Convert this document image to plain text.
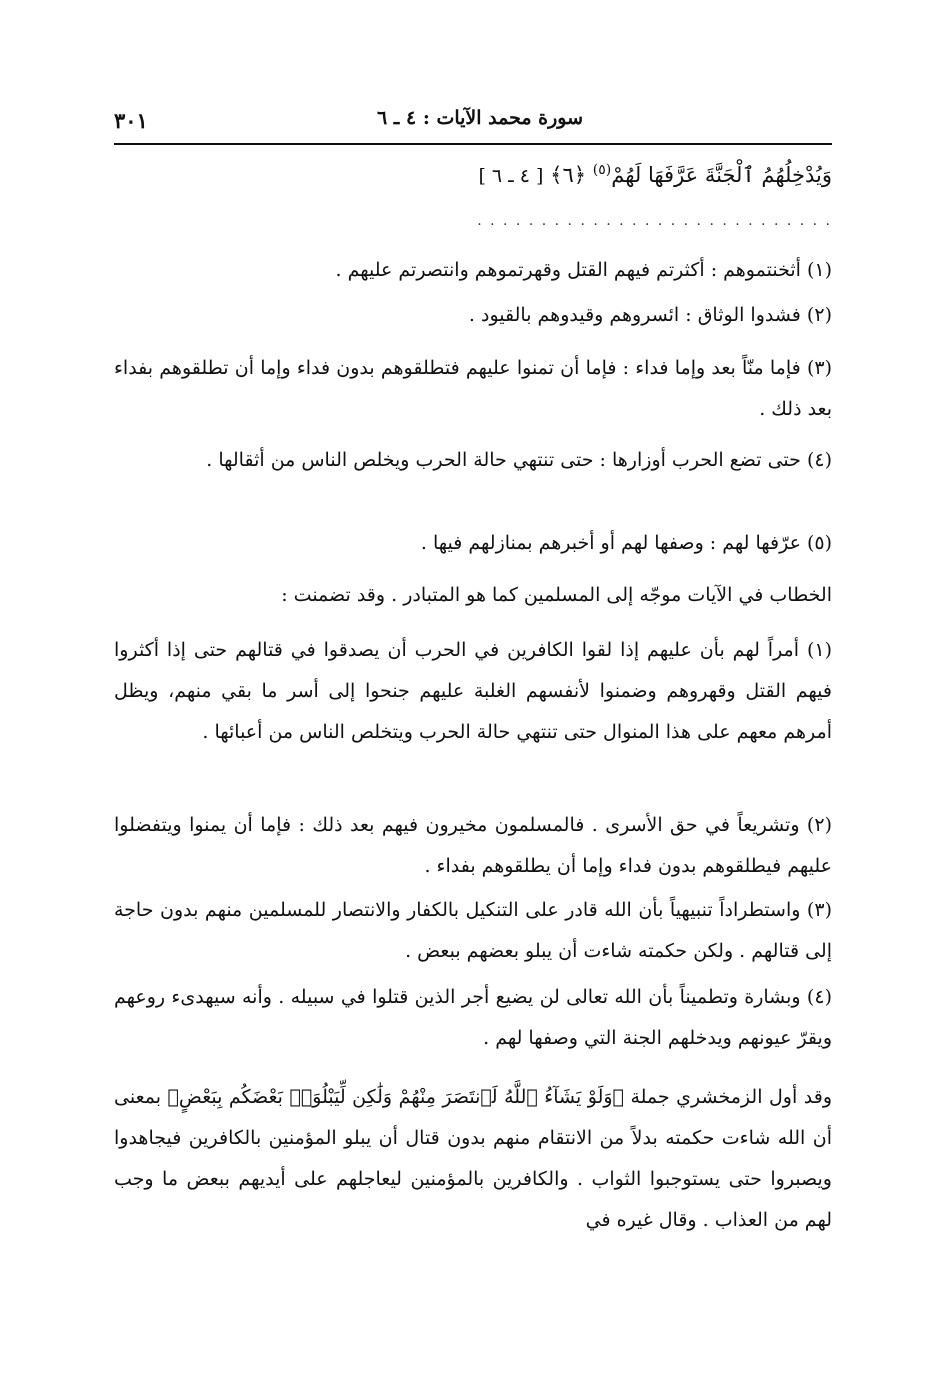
سورة محمد الآيات : ٤ ـ ٦
٣٠١
وَيُدْخِلُهُمُ ٱلْجَنَّةَ عَرَّفَهَا لَهُمْ$^{(٥)}$ ﴿٦﴾ [ ٤ ـ ٦ ]
. . . . . . . . . . . . . . . . . . . . . . . . . . . .
(١) أثخنتموهم : أكثرتم فيهم القتل وقهرتموهم وانتصرتم عليهم .
(٢) فشدوا الوثاق : ائسروهم وقيدوهم بالقيود .
(٣) فإما منّاً بعد وإما فداء : فإما أن تمنوا عليهم فتطلقوهم بدون فداء وإما أن تطلقوهم بفداء بعد ذلك .
(٤) حتى تضع الحرب أوزارها : حتى تنتهي حالة الحرب ويخلص الناس من أثقالها .
(٥) عرّفها لهم : وصفها لهم أو أخبرهم بمنازلهم فيها .
الخطاب في الآيات موجّه إلى المسلمين كما هو المتبادر . وقد تضمنت :
(١) أمراً لهم بأن عليهم إذا لقوا الكافرين في الحرب أن يصدقوا في قتالهم حتى إذا أكثروا فيهم القتل وقهروهم وضمنوا لأنفسهم الغلبة عليهم جنحوا إلى أسر ما بقي منهم، ويظل أمرهم معهم على هذا المنوال حتى تنتهي حالة الحرب ويتخلص الناس من أعبائها .
(٢) وتشريعاً في حق الأسرى . فالمسلمون مخيرون فيهم بعد ذلك : فإما أن يمنوا ويتفضلوا عليهم فيطلقوهم بدون فداء وإما أن يطلقوهم بفداء .
(٣) واستطراداً تنبيهياً بأن الله قادر على التنكيل بالكفار والانتصار للمسلمين منهم بدون حاجة إلى قتالهم . ولكن حكمته شاءت أن يبلو بعضهم ببعض .
(٤) وبشارة وتطميناً بأن الله تعالى لن يضيع أجر الذين قتلوا في سبيله . وأنه سيهدىء روعهم ويقرّ عيونهم ويدخلهم الجنة التي وصفها لهم .
وقد أول الزمخشري جملة ﴿وَلَوْ يَشَآءُ ٱللَّهُ لَٱنتَصَرَ مِنْهُمْ وَلَٰكِن لِّيَبْلُوَا۟ بَعْضَكُم بِبَعْضٍ﴾ بمعنى أن الله شاءت حكمته بدلاً من الانتقام منهم بدون قتال أن يبلو المؤمنين بالكافرين فيجاهدوا ويصبروا حتى يستوجبوا الثواب . والكافرين بالمؤمنين ليعاجلهم على أيديهم ببعض ما وجب لهم من العذاب . وقال غيره في
